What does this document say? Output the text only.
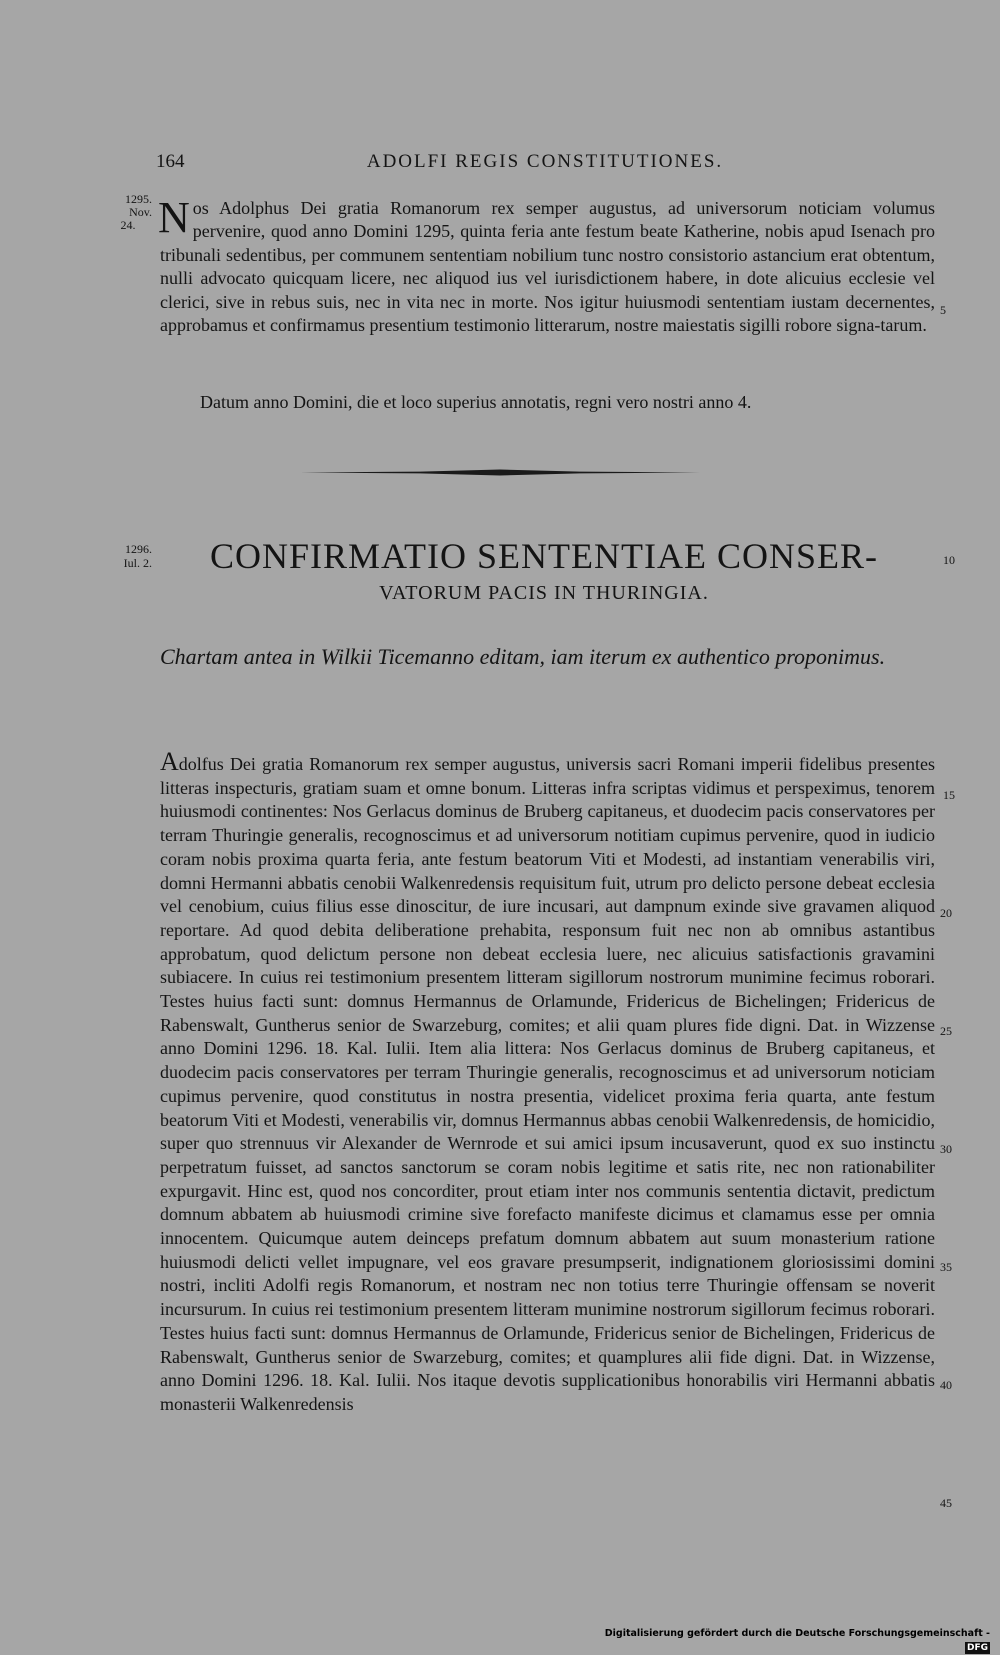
164	ADOLFI REGIS CONSTITUTIONES.
1295.
Nov.
24. Nos Adolphus Dei gratia Romanorum rex semper augustus, ad universorum noticiam volumus pervenire, quod anno Domini 1295, quinta feria ante festum beate Katherine, nobis apud Isenach pro tribunali sedentibus, per communem sententiam nobilium tunc nostro consistorio astancium erat obtentum, nulli advocato quicquam licere, nec aliquod ius vel iurisdictionem habere, in dote alicuius ecclesie vel clerici, sive in rebus suis, nec in vita nec in morte. Nos igitur huiusmodi sententiam iustam decernentes, approbamus et confirmamus presentium testimonio litterarum, nostre maiestatis sigilli robore signa-tarum.

5

Datum anno Domini, die et loco superius annotatis, regni vero nostri anno 4.

1296.
Iul. 2. CONFIRMATIO SENTENTIAE CONSER-	10
VATORUM PACIS IN THURINGIA.

Chartam antea in Wilkii Ticemanno editam, iam iterum ex authentico proponimus.

Adolfus Dei gratia Romanorum rex semper augustus, universis sacri Romani imperii fidelibus presentes litteras inspecturis, gratiam suam et omne bonum. Litteras infra scriptas vidimus et perspeximus, tenorem huiusmodi continentes: Nos Gerlacus dominus de Bruberg capitaneus, et duodecim pacis conservatores per terram Thuringie generalis, recognoscimus et ad universorum notitiam cupimus pervenire, quod in iudicio coram nobis proxima quarta feria, ante festum beatorum Viti et Modesti, ad instantiam venerabilis viri, domni Hermanni abbatis cenobii Walkenredensis requisitum fuit, utrum pro delicto persone debeat ecclesia vel cenobium, cuius filius esse dinoscitur, de iure incusari, aut dampnum exinde sive gravamen aliquod reportare. Ad quod debita deliberatione prehabita, responsum fuit nec non ab omnibus astantibus approbatum, quod delictum persone non debeat ecclesia luere, nec alicuius satisfactionis gravamini subiacere. In cuius rei testimonium presentem litteram sigillorum nostrorum munimine fecimus roborari. Testes huius facti sunt: domnus Hermannus de Orlamunde, Fridericus de Bichelingen; Fridericus de Rabenswalt, Guntherus senior de Swarzeburg, comites; et alii quam plures fide digni. Dat. in Wizzense anno Domini 1296. 18. Kal. Iulii. Item alia littera: Nos Gerlacus dominus de Bruberg capitaneus, et duodecim pacis conservatores per terram Thuringie generalis, recognoscimus et ad universorum noticiam cupimus pervenire, quod constitutus in nostra presentia, videlicet proxima feria quarta, ante festum beatorum Viti et Modesti, venerabilis vir, domnus Hermannus abbas cenobii Walkenredensis, de homicidio, super quo strennuus vir Alexander de Wernrode et sui amici ipsum incusaverunt, quod ex suo instinctu perpetratum fuisset, ad sanctos sanctorum se coram nobis legitime et satis rite, nec non rationabiliter expurgavit. Hinc est, quod nos concorditer, prout etiam inter nos communis sententia dictavit, predictum domnum abbatem ab huiusmodi crimine sive forefacto manifeste dicimus et clamamus esse per omnia innocentem. Quicumque autem deinceps prefatum domnum abbatem aut suum monasterium ratione huiusmodi delicti vellet impugnare, vel eos gravare presumpserit, indignationem gloriosissimi domini nostri, incliti Adolfi regis Romanorum, et nostram nec non totius terre Thuringie offensam se noverit incursurum. In cuius rei testimonium presentem litteram munimine nostrorum sigillorum fecimus roborari. Testes huius facti sunt: domnus Hermannus de Orlamunde, Fridericus senior de Bichelingen, Fridericus de Rabenswalt, Guntherus senior de Swarzeburg, comites; et quamplures alii fide digni. Dat. in Wizzense, anno Domini 1296. 18. Kal. Iulii. Nos itaque devotis supplicationibus honorabilis viri Hermanni abbatis monasterii Walkenredensis

15
20
25
30
35
40
45
Digitalisierung gefördert durch die Deutsche Forschungsgemeinschaft -DFG
